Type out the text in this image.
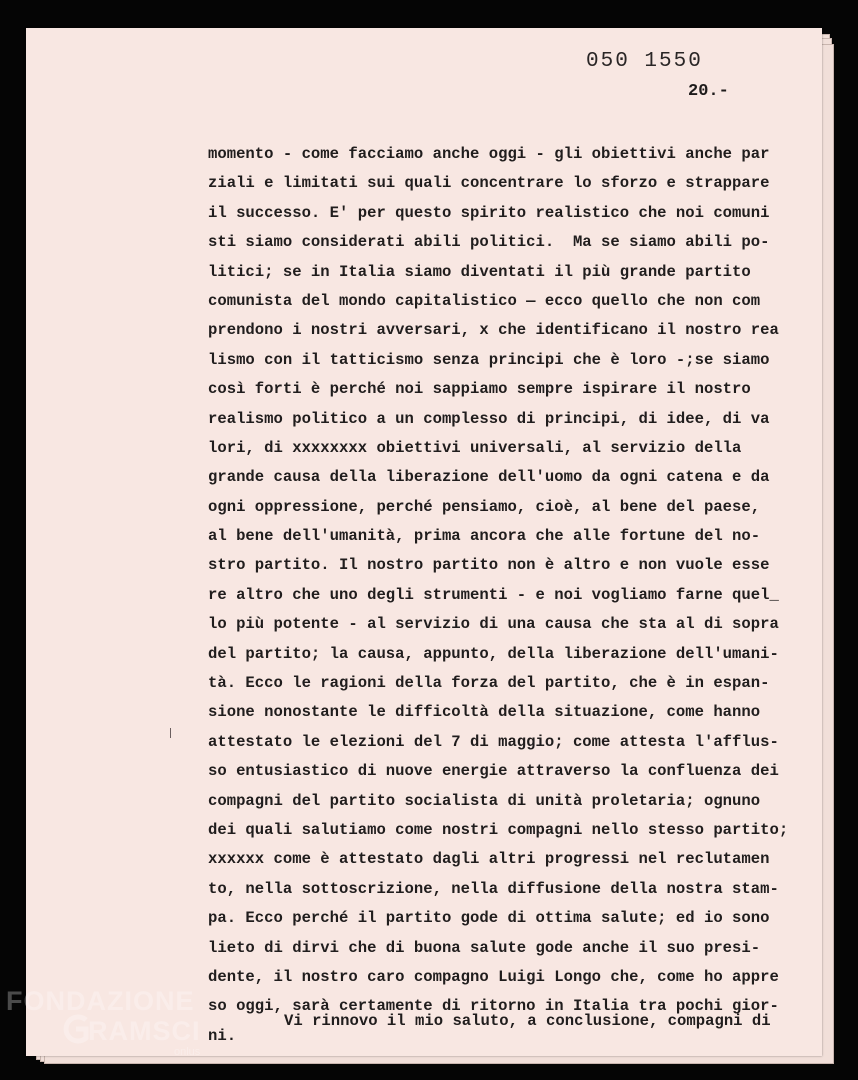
050 1550
20.-
momento - come facciamo anche oggi - gli obiettivi anche par
ziali e limitati sui quali concentrare lo sforzo e strappare
il successo. E' per questo spirito realistico che noi comuni
sti siamo considerati abili politici.  Ma se siamo abili po-
litici; se in Italia siamo diventati il più grande partito
comunista del mondo capitalistico — ecco quello che non com
prendono i nostri avversari, x che identificano il nostro rea
lismo con il tatticismo senza principi che è loro -;se siamo
così forti è perché noi sappiamo sempre ispirare il nostro
realismo politico a un complesso di principi, di idee, di va
lori, di xxxxxxxx obiettivi universali, al servizio della
grande causa della liberazione dell'uomo da ogni catena e da
ogni oppressione, perché pensiamo, cioè, al bene del paese,
al bene dell'umanità, prima ancora che alle fortune del no-
stro partito. Il nostro partito non è altro e non vuole esse
re altro che uno degli strumenti - e noi vogliamo farne quel_
lo più potente - al servizio di una causa che sta al di sopra
del partito; la causa, appunto, della liberazione dell'umani-
tà. Ecco le ragioni della forza del partito, che è in espan-
sione nonostante le difficoltà della situazione, come hanno
attestato le elezioni del 7 di maggio; come attesta l'afflus-
so entusiastico di nuove energie attraverso la confluenza dei
compagni del partito socialista di unità proletaria; ognuno
dei quali salutiamo come nostri compagni nello stesso partito;
xxxxxx come è attestato dagli altri progressi nel reclutamen
to, nella sottoscrizione, nella diffusione della nostra stam-
pa. Ecco perché il partito gode di ottima salute; ed io sono
lieto di dirvi che di buona salute gode anche il suo presi-
dente, il nostro caro compagno Luigi Longo che, come ho appre
so oggi, sarà certamente di ritorno in Italia tra pochi gior-
ni.
Vi rinnovo il mio saluto, a conclusione, compagni di
FONDAZIONE
RAMSCI
onlus
